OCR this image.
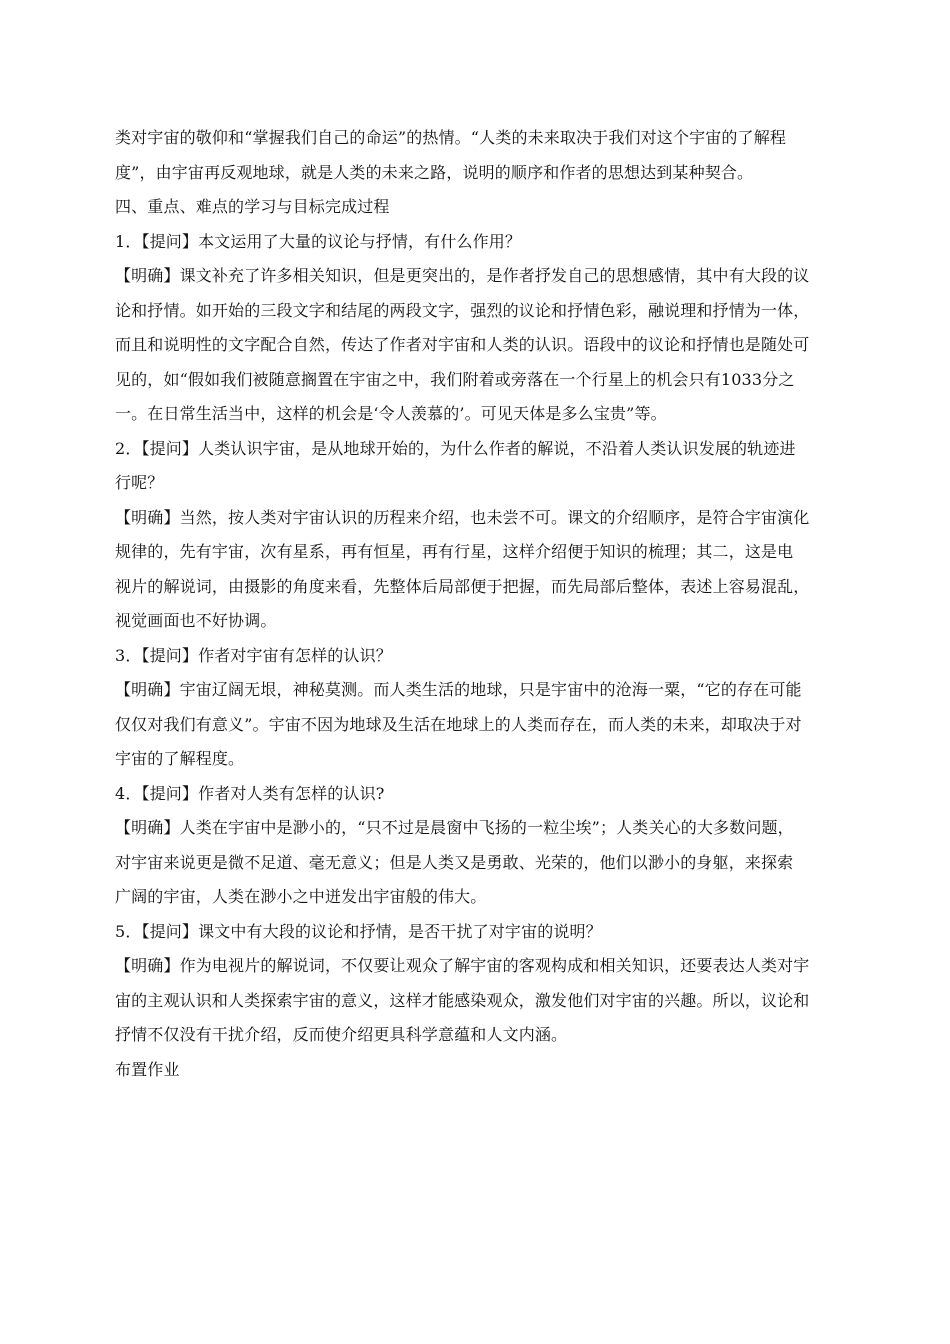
类对宇宙的敬仰和“掌握我们自己的命运”的热情。“人类的未来取决于我们对这个宇宙的了解程
度”，由宇宙再反观地球，就是人类的未来之路，说明的顺序和作者的思想达到某种契合。
四、重点、难点的学习与目标完成过程
1．【提问】本文运用了大量的议论与抒情，有什么作用？
【明确】课文补充了许多相关知识，但是更突出的，是作者抒发自己的思想感情，其中有大段的议
论和抒情。如开始的三段文字和结尾的两段文字，强烈的议论和抒情色彩，融说理和抒情为一体，
而且和说明性的文字配合自然，传达了作者对宇宙和人类的认识。语段中的议论和抒情也是随处可
见的，如“假如我们被随意搁置在宇宙之中，我们附着或旁落在一个行星上的机会只有1033分之
一。在日常生活当中，这样的机会是‘令人羡慕的’。可见天体是多么宝贵”等。
2．【提问】人类认识宇宙，是从地球开始的，为什么作者的解说，不沿着人类认识发展的轨迹进
行呢？
【明确】当然，按人类对宇宙认识的历程来介绍，也未尝不可。课文的介绍顺序，是符合宇宙演化
规律的，先有宇宙，次有星系，再有恒星，再有行星，这样介绍便于知识的梳理；其二，这是电
视片的解说词，由摄影的角度来看，先整体后局部便于把握，而先局部后整体，表述上容易混乱，
视觉画面也不好协调。
3．【提问】作者对宇宙有怎样的认识？
【明确】宇宙辽阔无垠，神秘莫测。而人类生活的地球，只是宇宙中的沧海一粟，“它的存在可能
仅仅对我们有意义”。宇宙不因为地球及生活在地球上的人类而存在，而人类的未来，却取决于对
宇宙的了解程度。
4．【提问】作者对人类有怎样的认识?
【明确】人类在宇宙中是渺小的，“只不过是晨窗中飞扬的一粒尘埃”；人类关心的大多数问题，
对宇宙来说更是微不足道、毫无意义；但是人类又是勇敢、光荣的，他们以渺小的身躯，来探索
广阔的宇宙，人类在渺小之中迸发出宇宙般的伟大。
5．【提问】课文中有大段的议论和抒情，是否干扰了对宇宙的说明？
【明确】作为电视片的解说词，不仅要让观众了解宇宙的客观构成和相关知识，还要表达人类对宇
宙的主观认识和人类探索宇宙的意义，这样才能感染观众，激发他们对宇宙的兴趣。所以，议论和
抒情不仅没有干扰介绍，反而使介绍更具科学意蕴和人文内涵。
布置作业
